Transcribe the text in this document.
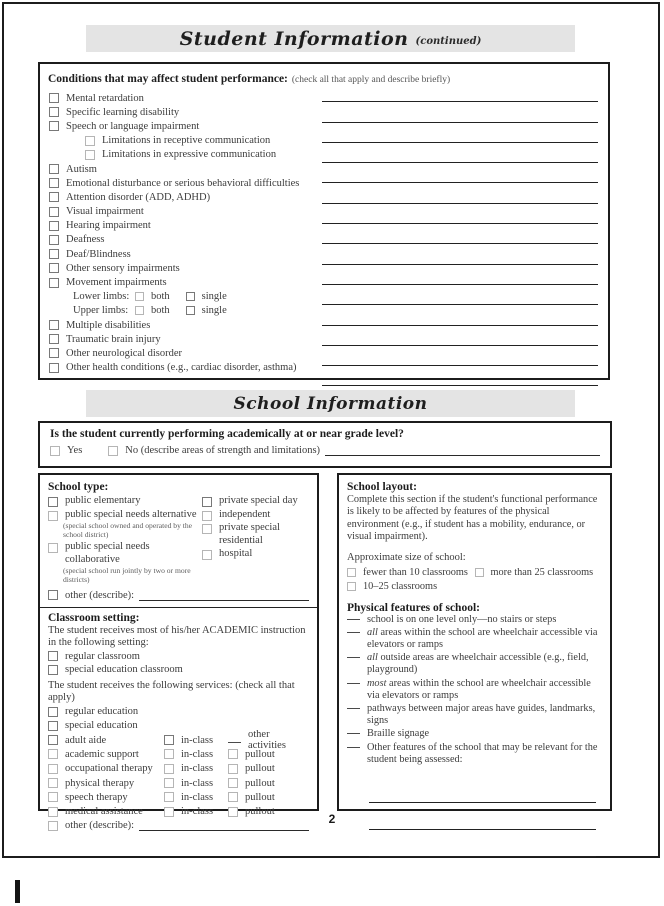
Student Information (continued)
Conditions that may affect student performance: (check all that apply and describe briefly)
Mental retardation
Specific learning disability
Speech or language impairment
Limitations in receptive communication
Limitations in expressive communication
Autism
Emotional disturbance or serious behavioral difficulties
Attention disorder (ADD, ADHD)
Visual impairment
Hearing impairment
Deafness
Deaf/Blindness
Other sensory impairments
Movement impairments
Lower limbs:	both	single
Upper limbs:	both	single
Multiple disabilities
Traumatic brain injury
Other neurological disorder
Other health conditions (e.g., cardiac disorder, asthma)
School Information
Is the student currently performing academically at or near grade level?
Yes	No (describe areas of strength and limitations)
School type:
public elementary
public special needs alternative
(special school owned and operated by the school district)
public special needs collaborative
(special school run jointly by two or more districts)
private special day
independent
private special residential
hospital
other (describe):
Classroom setting:
The student receives most of his/her ACADEMIC instruction in the following setting:
regular classroom
special education classroom
The student receives the following services: (check all that apply)
regular education
special education
adult aide	in-class	other activities
academic support	in-class	pullout
occupational therapy	in-class	pullout
physical therapy	in-class	pullout
speech therapy	in-class	pullout
medical assistance	in-class	pullout
other (describe):
School layout:
Complete this section if the student's functional performance is likely to be affected by features of the physical environment (e.g., if student has a mobility, endurance, or visual impairment).
Approximate size of school:
fewer than 10 classrooms more than 25 classrooms
10–25 classrooms
Physical features of school:
school is on one level only—no stairs or steps
all areas within the school are wheelchair accessible via elevators or ramps
all outside areas are wheelchair accessible (e.g., field, playground)
most areas within the school are wheelchair accessible via elevators or ramps
pathways between major areas have guides, landmarks, signs
Braille signage
Other features of the school that may be relevant for the student being assessed:
2
